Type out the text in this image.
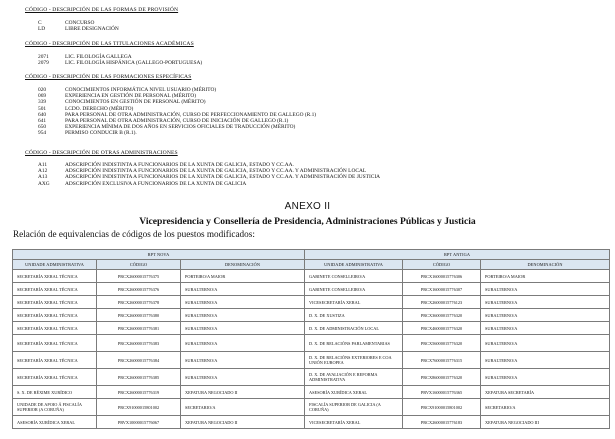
CÓDIGO - DESCRIPCIÓN DE LAS FORMAS DE PROVISIÓN

C	CONCURSO
LD	LIBRE DESIGNACIÓN

CÓDIGO - DESCRIPCIÓN DE LAS TITULACIONES ACADÉMICAS

2071	LIC. FILOLOGÍA GALLEGA
2079	LIC. FILOLOGÍA HISPÁNICA (GALLEGO-PORTUGUESA)

CÓDIGO - DESCRIPCIÓN DE LAS FORMACIONES ESPECÍFICAS

020	CONOCIMIENTOS INFORMÁTICA NIVEL USUARIO (MÉRITO)
069	EXPERIENCIA EN GESTIÓN DE PERSONAL (MÉRITO)
339	CONOCIMIENTOS EN GESTIÓN DE PERSONAL (MÉRITO)
501	LCDO. DERECHO (MÉRITO)
640	PARA PERSONAL DE OTRA ADMINISTRACIÓN, CURSO DE PERFECCIONAMIENTO DE GALLEGO (R.1)
641	PARA PERSONAL DE OTRA ADMINISTRACIÓN, CURSO DE INICIACIÓN DE GALLEGO (R.1)
650	EXPERIENCIA MÍNIMA DE DOS AÑOS EN SERVICIOS OFICIALES DE TRADUCCIÓN (MÉRITO)
954	PERMISO CONDUCIR B (R.1).

CÓDIGO - DESCRIPCIÓN DE OTRAS ADMINISTRACIONES

A11	ADSCRIPCIÓN INDISTINTA A FUNCIONARIOS DE LA XUNTA DE GALICIA, ESTADO Y CC.AA.
A12	ADSCRIPCIÓN INDISTINTA A FUNCIONARIOS DE LA XUNTA DE GALICIA, ESTADO Y CC.AA. Y ADMINISTRACIÓN LOCAL
A13	ADSCRIPCIÓN INDISTINTA A FUNCIONARIOS DE LA XUNTA DE GALICIA, ESTADO Y CC.AA. Y ADMINISTRACIÓN DE JUSTICIA
AXG	ADSCRIPCIÓN EXCLUSIVA A FUNCIONARIOS DE LA XUNTA DE GALICIA
ANEXO II
Vicepresidencia y Consellería de Presidencia, Administraciones Públicas y Justicia
Relación de equivalencias de códigos de los puestos modificados:
RPT NOVA			RPT ANTIGA		
UNIDADE ADMINISTRATIVA	CÓDIGO	DENOMINACIÓN	UNIDADE ADMINISTRATIVA	CÓDIGO	DENOMINACIÓN
SECRETARÍA XERAL TÉCNICA	PRCX26000015776375	PORTEIRO/A MAIOR	GABINETE CONSELLEIRO/A	PRCX16000015776306	PORTEIRO/A MAIOR
SECRETARÍA XERAL TÉCNICA	PRCX26000015776376	SUBALTERNO/A	GABINETE CONSELLEIRO/A	PRCX16000015776307	SUBALTERNO/A
SECRETARÍA XERAL TÉCNICA	PRCX26000015776378	SUBALTERNO/A	VICESECRETARÍA XERAL	PRCX26000015776123	SUBALTERNO/A
SECRETARÍA XERAL TÉCNICA	PRCX26000015776380	SUBALTERNO/A	D. X. DE XUSTIZA	PRCX36000015776320	SUBALTERNO/A
SECRETARÍA XERAL TÉCNICA	PRCX26000015776381	SUBALTERNO/A	D. X. DE ADMINISTRACIÓN LOCAL	PRCX46000015776320	SUBALTERNO/A
SECRETARÍA XERAL TÉCNICA	PRCX26000015776383	SUBALTERNO/A	D. X. DE RELACIÓNS PARLAMENTARIAS	PRCX56000015776320	SUBALTERNO/A
SECRETARÍA XERAL TÉCNICA	PRCX26000015776384	SUBALTERNO/A	D. X. DE RELACIÓNS EXTERIORES E COA UNIÓN EUROPEA	PRCX76000015776315	SUBALTERNO/A
SECRETARÍA XERAL TÉCNICA	PRCX26000015776385	SUBALTERNO/A	D. X. DE AVALIACIÓN E REFORMA ADMINISTRATIVA	PRCX86000015776320	SUBALTERNO/A
S. X. DE RÉXIME XURÍDICO	PRCX26000015776319	XEFATURA NEGOCIADO II	ASESORÍA XURÍDICA XERAL	PRVX16000015776365	XEFATURA SECRETARÍA
UNIDADE DE APOIO Á FISCALÍA SUPERIOR (A CORUÑA)	PRCX91000015801002	SECRETARIO/A	FISCALÍA SUPERIOR DE GALICIA (A CORUÑA)	PRCX91000015801002	SECRETARIO/A
ASESORÍA XURÍDICA XERAL	PRVX10000015776067	XEFATURA NEGOCIADO II	VICESECRETARÍA XERAL	PRCX26000015776183	XEFATURA NEGOCIADO III
